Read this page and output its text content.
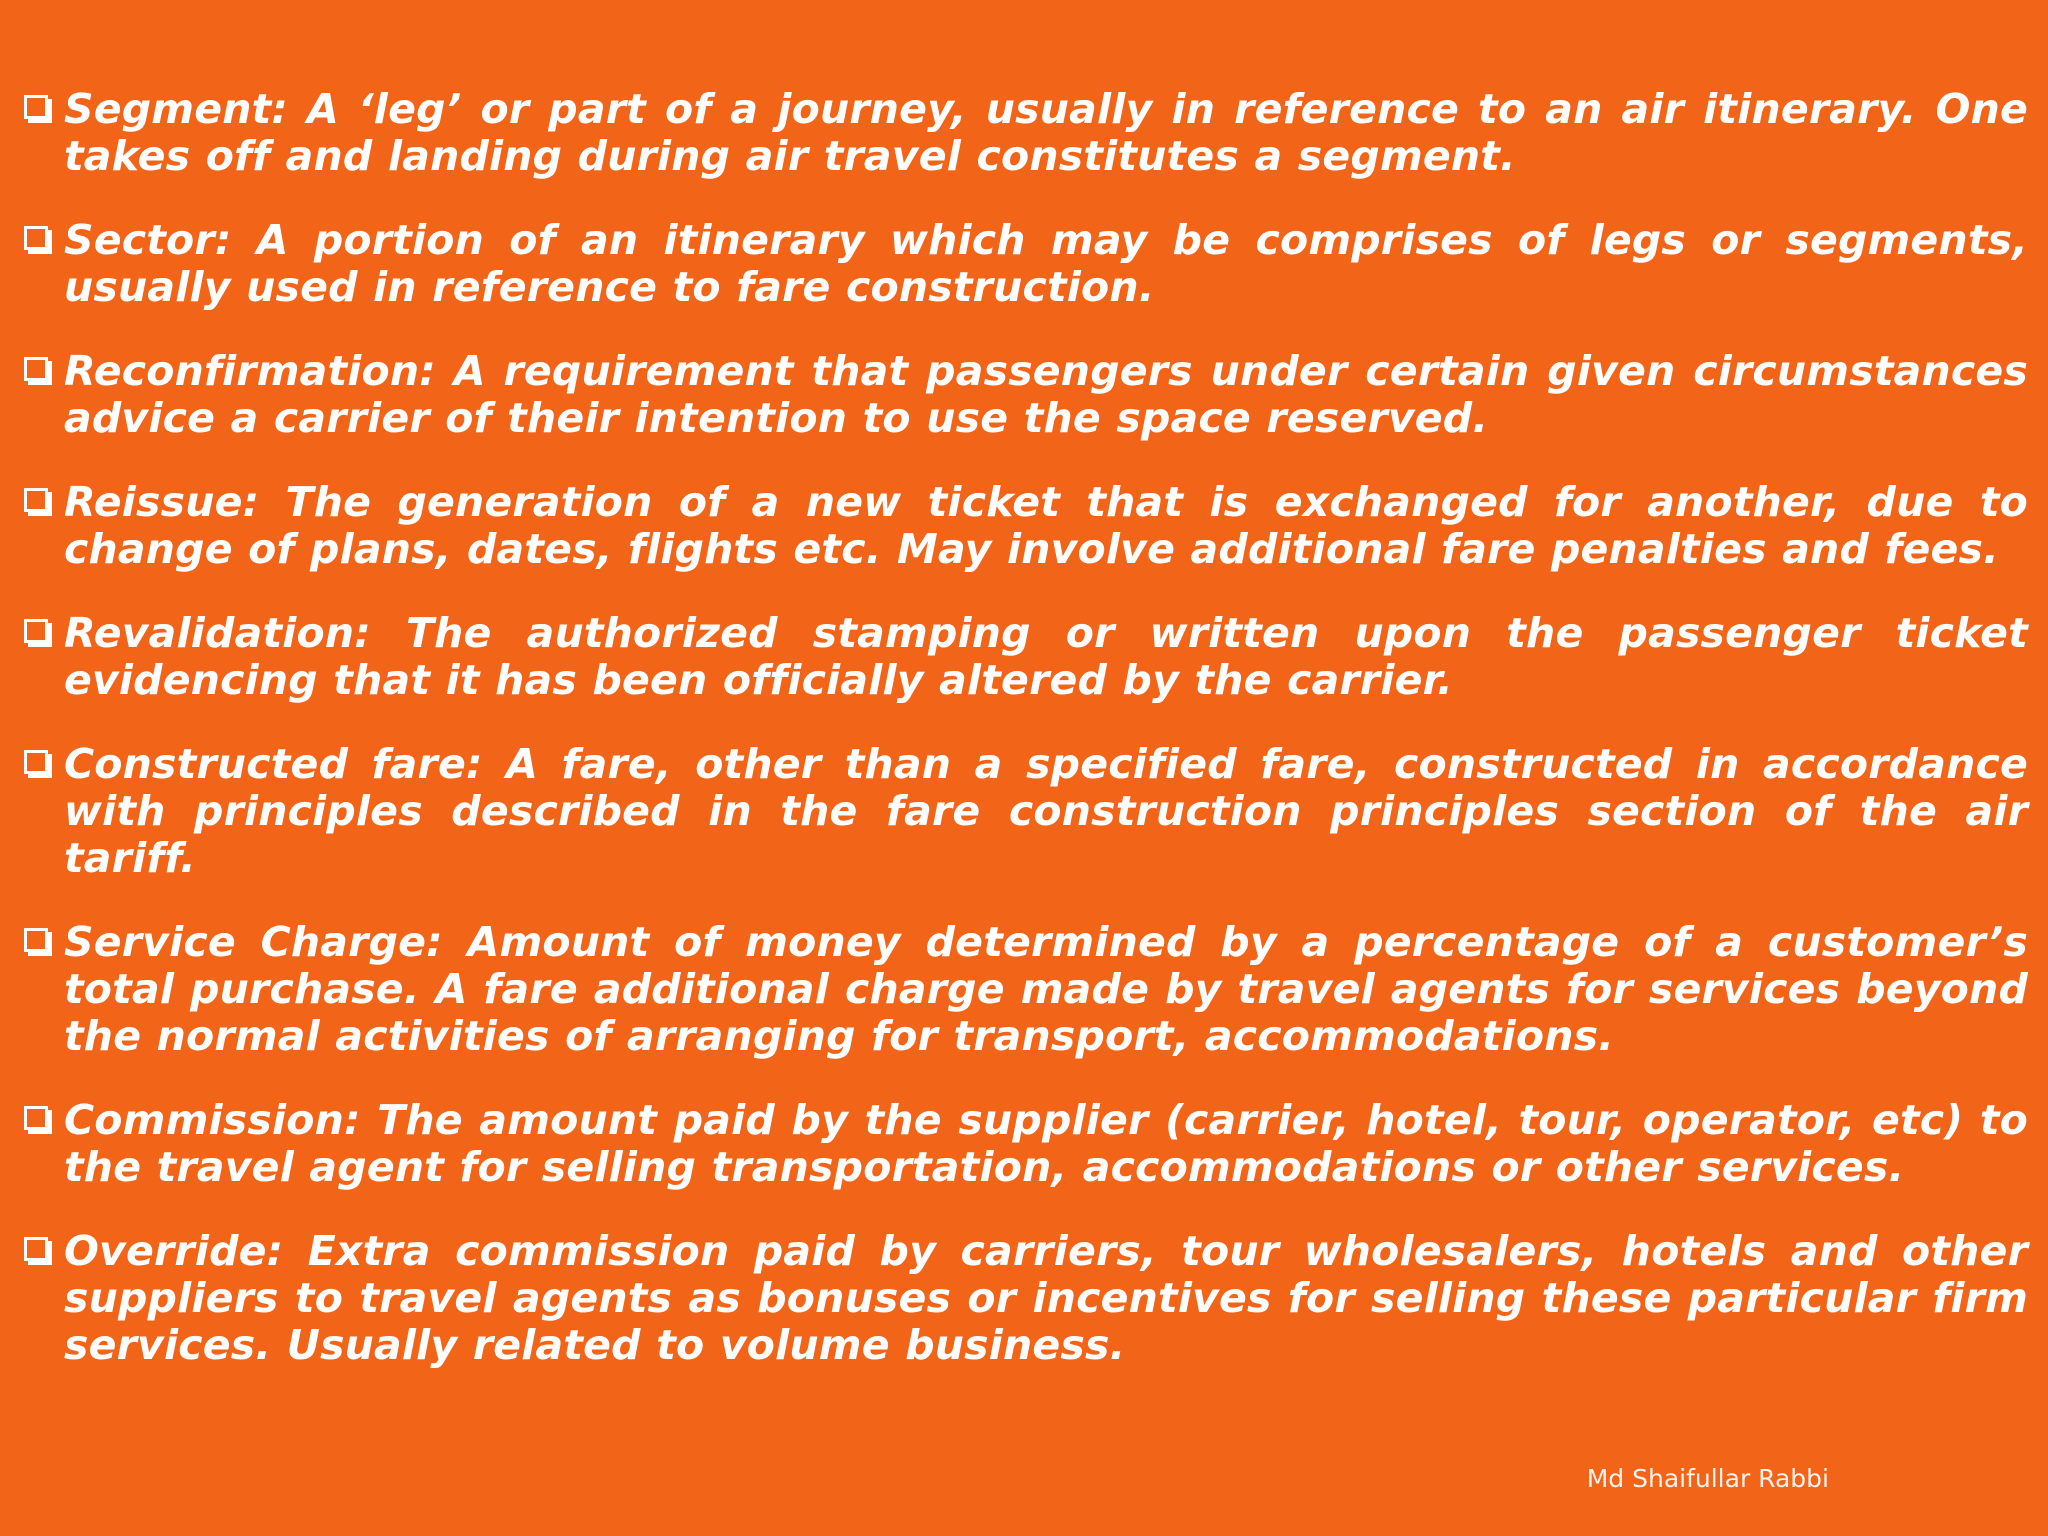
Segment: A ‘leg’ or part of a journey, usually in reference to an air itinerary. One takes off and landing during air travel constitutes a segment.
Sector: A portion of an itinerary which may be comprises of legs or segments, usually used in reference to fare construction.
Reconfirmation: A requirement that passengers under certain given circumstances advice a carrier of their intention to use the space reserved.
Reissue: The generation of a new ticket that is exchanged for another, due to change of plans, dates, flights etc. May involve additional fare penalties and fees.
Revalidation: The authorized stamping or written upon the passenger ticket evidencing that it has been officially altered by the carrier.
Constructed fare: A fare, other than a specified fare, constructed in accordance with principles described in the fare construction principles section of the air tariff.
Service Charge: Amount of money determined by a percentage of a customer’s total purchase. A fare additional charge made by travel agents for services beyond the normal activities of arranging for transport, accommodations.
Commission: The amount paid by the supplier (carrier, hotel, tour, operator, etc) to the travel agent for selling transportation, accommodations or other services.
Override: Extra commission paid by carriers, tour wholesalers, hotels and other suppliers to travel agents as bonuses or incentives for selling these particular firm services. Usually related to volume business.
Md Shaifullar Rabbi
